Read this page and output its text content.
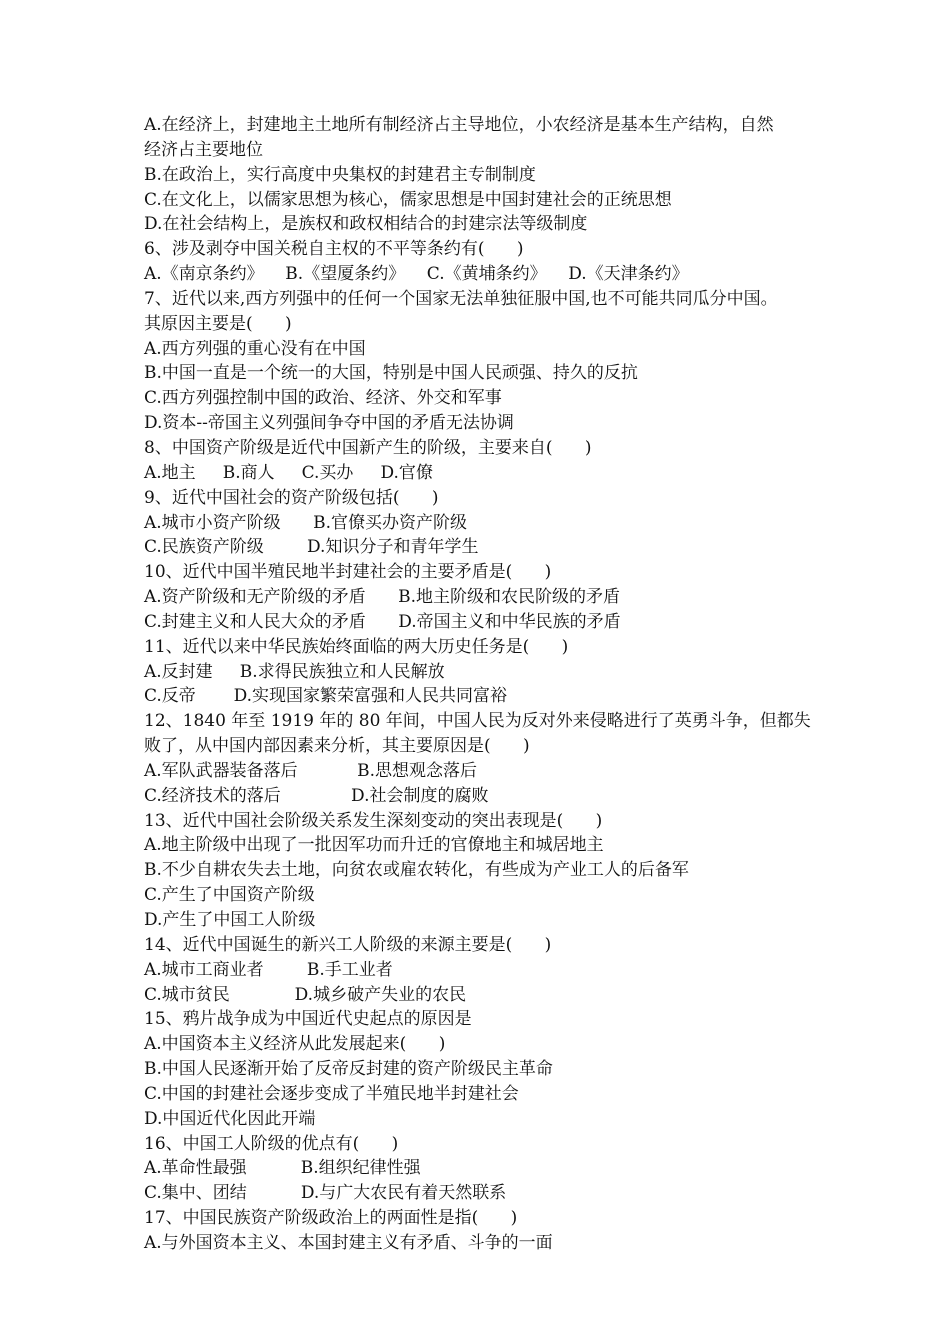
A.在经济上，封建地主土地所有制经济占主导地位，小农经济是基本生产结构，自然
经济占主要地位
B.在政治上，实行高度中央集权的封建君主专制制度
C.在文化上，以儒家思想为核心，儒家思想是中国封建社会的正统思想
D.在社会结构上，是族权和政权相结合的封建宗法等级制度
6、涉及剥夺中国关税自主权的不平等条约有(      )
A.《南京条约》    B.《望厦条约》    C.《黄埔条约》    D.《天津条约》
7、近代以来,西方列强中的任何一个国家无法单独征服中国,也不可能共同瓜分中国。
其原因主要是(      )
A.西方列强的重心没有在中国
B.中国一直是一个统一的大国，特别是中国人民顽强、持久的反抗
C.西方列强控制中国的政治、经济、外交和军事
D.资本--帝国主义列强间争夺中国的矛盾无法协调
8、中国资产阶级是近代中国新产生的阶级，主要来自(      )
A.地主     B.商人     C.买办     D.官僚
9、近代中国社会的资产阶级包括(      )
A.城市小资产阶级      B.官僚买办资产阶级
C.民族资产阶级        D.知识分子和青年学生
10、近代中国半殖民地半封建社会的主要矛盾是(      )
A.资产阶级和无产阶级的矛盾      B.地主阶级和农民阶级的矛盾
C.封建主义和人民大众的矛盾      D.帝国主义和中华民族的矛盾
11、近代以来中华民族始终面临的两大历史任务是(      )
A.反封建     B.求得民族独立和人民解放
C.反帝       D.实现国家繁荣富强和人民共同富裕
12、1840 年至 1919 年的 80 年间，中国人民为反对外来侵略进行了英勇斗争，但都失
败了，从中国内部因素来分析，其主要原因是(      )
A.军队武器装备落后           B.思想观念落后
C.经济技术的落后             D.社会制度的腐败
13、近代中国社会阶级关系发生深刻变动的突出表现是(      )
A.地主阶级中出现了一批因军功而升迁的官僚地主和城居地主
B.不少自耕农失去土地，向贫农或雇农转化，有些成为产业工人的后备军
C.产生了中国资产阶级
D.产生了中国工人阶级
14、近代中国诞生的新兴工人阶级的来源主要是(      )
A.城市工商业者        B.手工业者
C.城市贫民            D.城乡破产失业的农民
15、鸦片战争成为中国近代史起点的原因是
A.中国资本主义经济从此发展起来(      )
B.中国人民逐渐开始了反帝反封建的资产阶级民主革命
C.中国的封建社会逐步变成了半殖民地半封建社会
D.中国近代化因此开端
16、中国工人阶级的优点有(      )
A.革命性最强          B.组织纪律性强
C.集中、团结          D.与广大农民有着天然联系
17、中国民族资产阶级政治上的两面性是指(      )
A.与外国资本主义、本国封建主义有矛盾、斗争的一面
